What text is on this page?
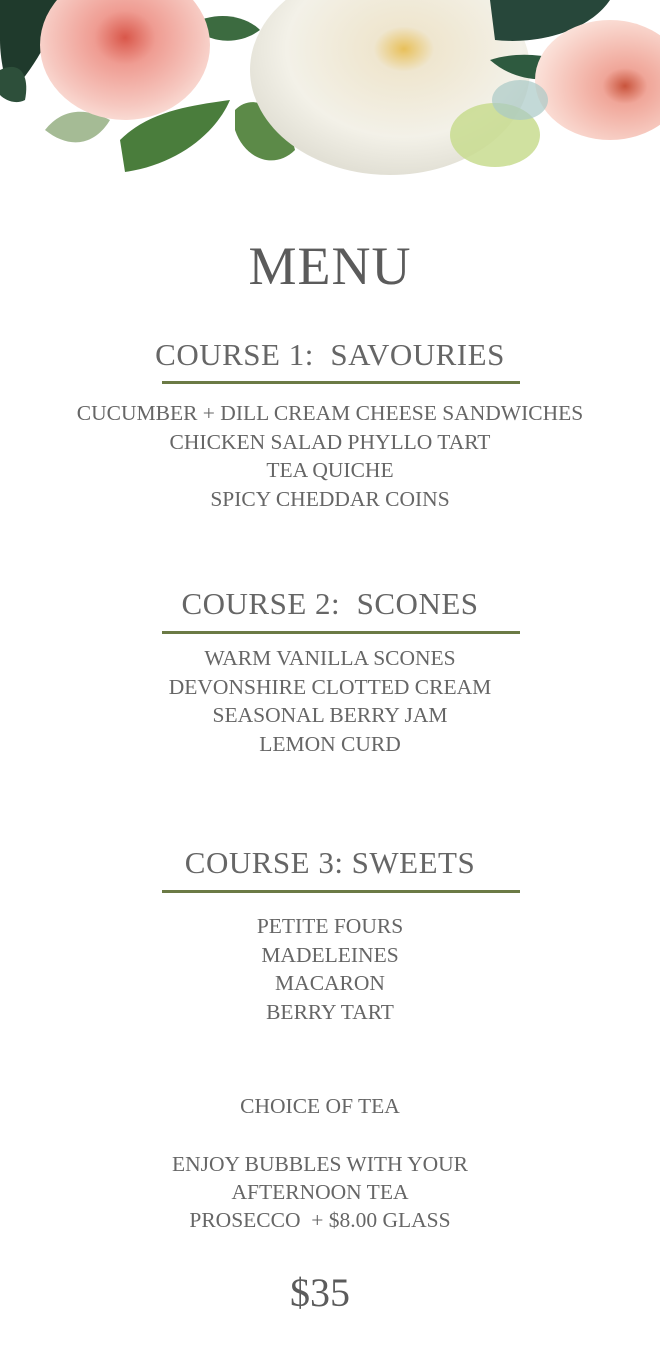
MENU
COURSE 1:  SAVOURIES
CUCUMBER + DILL CREAM CHEESE SANDWICHES
CHICKEN SALAD PHYLLO TART
TEA QUICHE
SPICY CHEDDAR COINS
COURSE 2:  SCONES
WARM VANILLA SCONES
DEVONSHIRE CLOTTED CREAM
SEASONAL BERRY JAM
LEMON CURD
COURSE 3: SWEETS
PETITE FOURS
MADELEINES
MACARON
BERRY TART
CHOICE OF TEA
ENJOY BUBBLES WITH YOUR
AFTERNOON TEA
PROSECCO  + $8.00 GLASS
$35
